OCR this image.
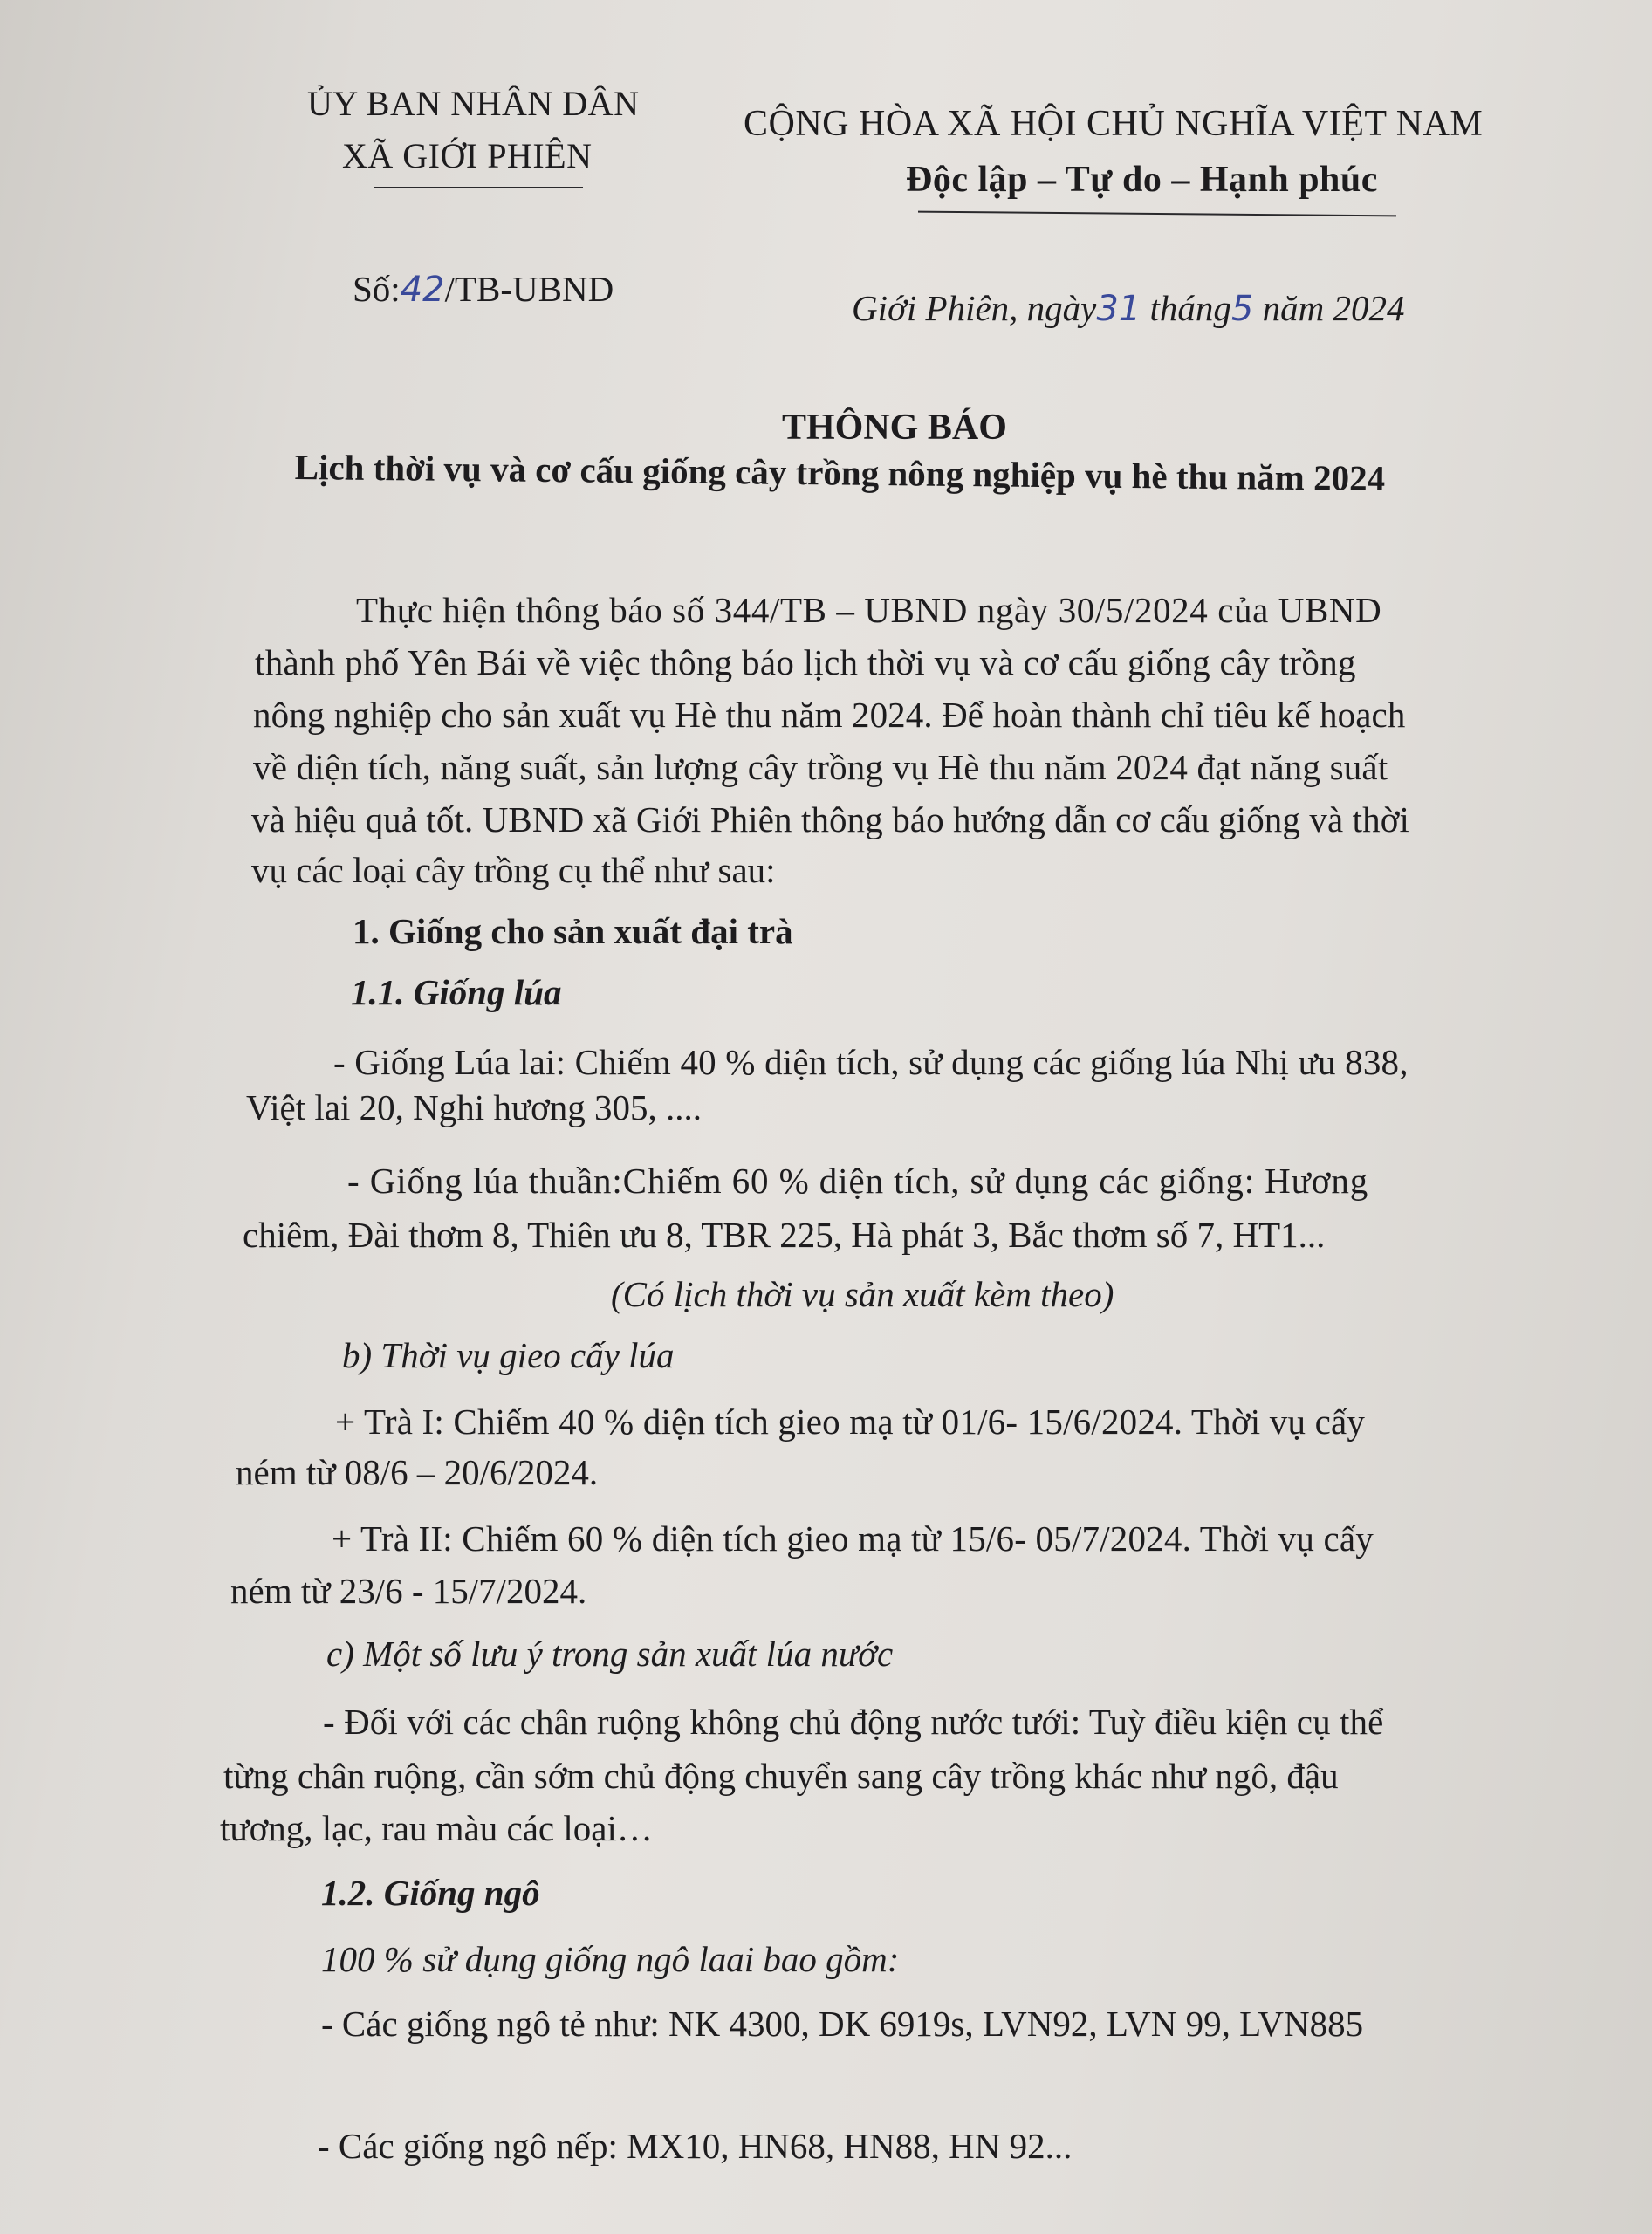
ỦY BAN NHÂN DÂN
XÃ GIỚI PHIÊN
CỘNG HÒA XÃ HỘI CHỦ NGHĨA VIỆT NAM
Độc lập – Tự do – Hạnh phúc
Số:42/TB-UBND	Giới Phiên, ngày31 tháng5 năm 2024
THÔNG BÁO
Lịch thời vụ và cơ cấu giống cây trồng nông nghiệp vụ hè thu năm 2024
Thực hiện thông báo số 344/TB – UBND ngày 30/5/2024 của UBND
thành phố Yên Bái về việc thông báo lịch thời vụ và cơ cấu giống cây trồng
nông nghiệp cho sản xuất vụ Hè thu năm 2024. Để hoàn thành chỉ tiêu kế hoạch
về diện tích, năng suất, sản lượng cây trồng vụ Hè thu năm 2024 đạt năng suất
và hiệu quả tốt. UBND xã Giới Phiên thông báo hướng dẫn cơ cấu giống và thời
vụ các loại cây trồng cụ thể như sau:
1. Giống cho sản xuất đại trà
1.1. Giống lúa
- Giống Lúa lai: Chiếm 40 % diện tích, sử dụng các giống lúa Nhị ưu 838,
Việt lai 20, Nghi hương 305, ....
- Giống lúa thuần:Chiếm 60 % diện tích, sử dụng các giống: Hương
chiêm, Đài thơm 8, Thiên ưu 8, TBR 225, Hà phát 3, Bắc thơm số 7, HT1...
(Có lịch thời vụ sản xuất kèm theo)
b) Thời vụ gieo cấy lúa
+ Trà I: Chiếm 40 % diện tích gieo mạ từ 01/6- 15/6/2024. Thời vụ cấy
ném từ 08/6 – 20/6/2024.
+ Trà II: Chiếm 60 % diện tích gieo mạ từ 15/6- 05/7/2024. Thời vụ cấy
ném từ 23/6 - 15/7/2024.
c) Một số lưu ý trong sản xuất lúa nước
- Đối với các chân ruộng không chủ động nước tưới: Tuỳ điều kiện cụ thể
từng chân ruộng, cần sớm chủ động chuyển sang cây trồng khác như ngô, đậu
tương, lạc, rau màu các loại…
1.2. Giống ngô
100 % sử dụng giống ngô laai bao gồm:
- Các giống ngô tẻ như: NK 4300, DK 6919s, LVN92, LVN 99, LVN885
- Các giống ngô nếp: MX10, HN68, HN88, HN 92...
